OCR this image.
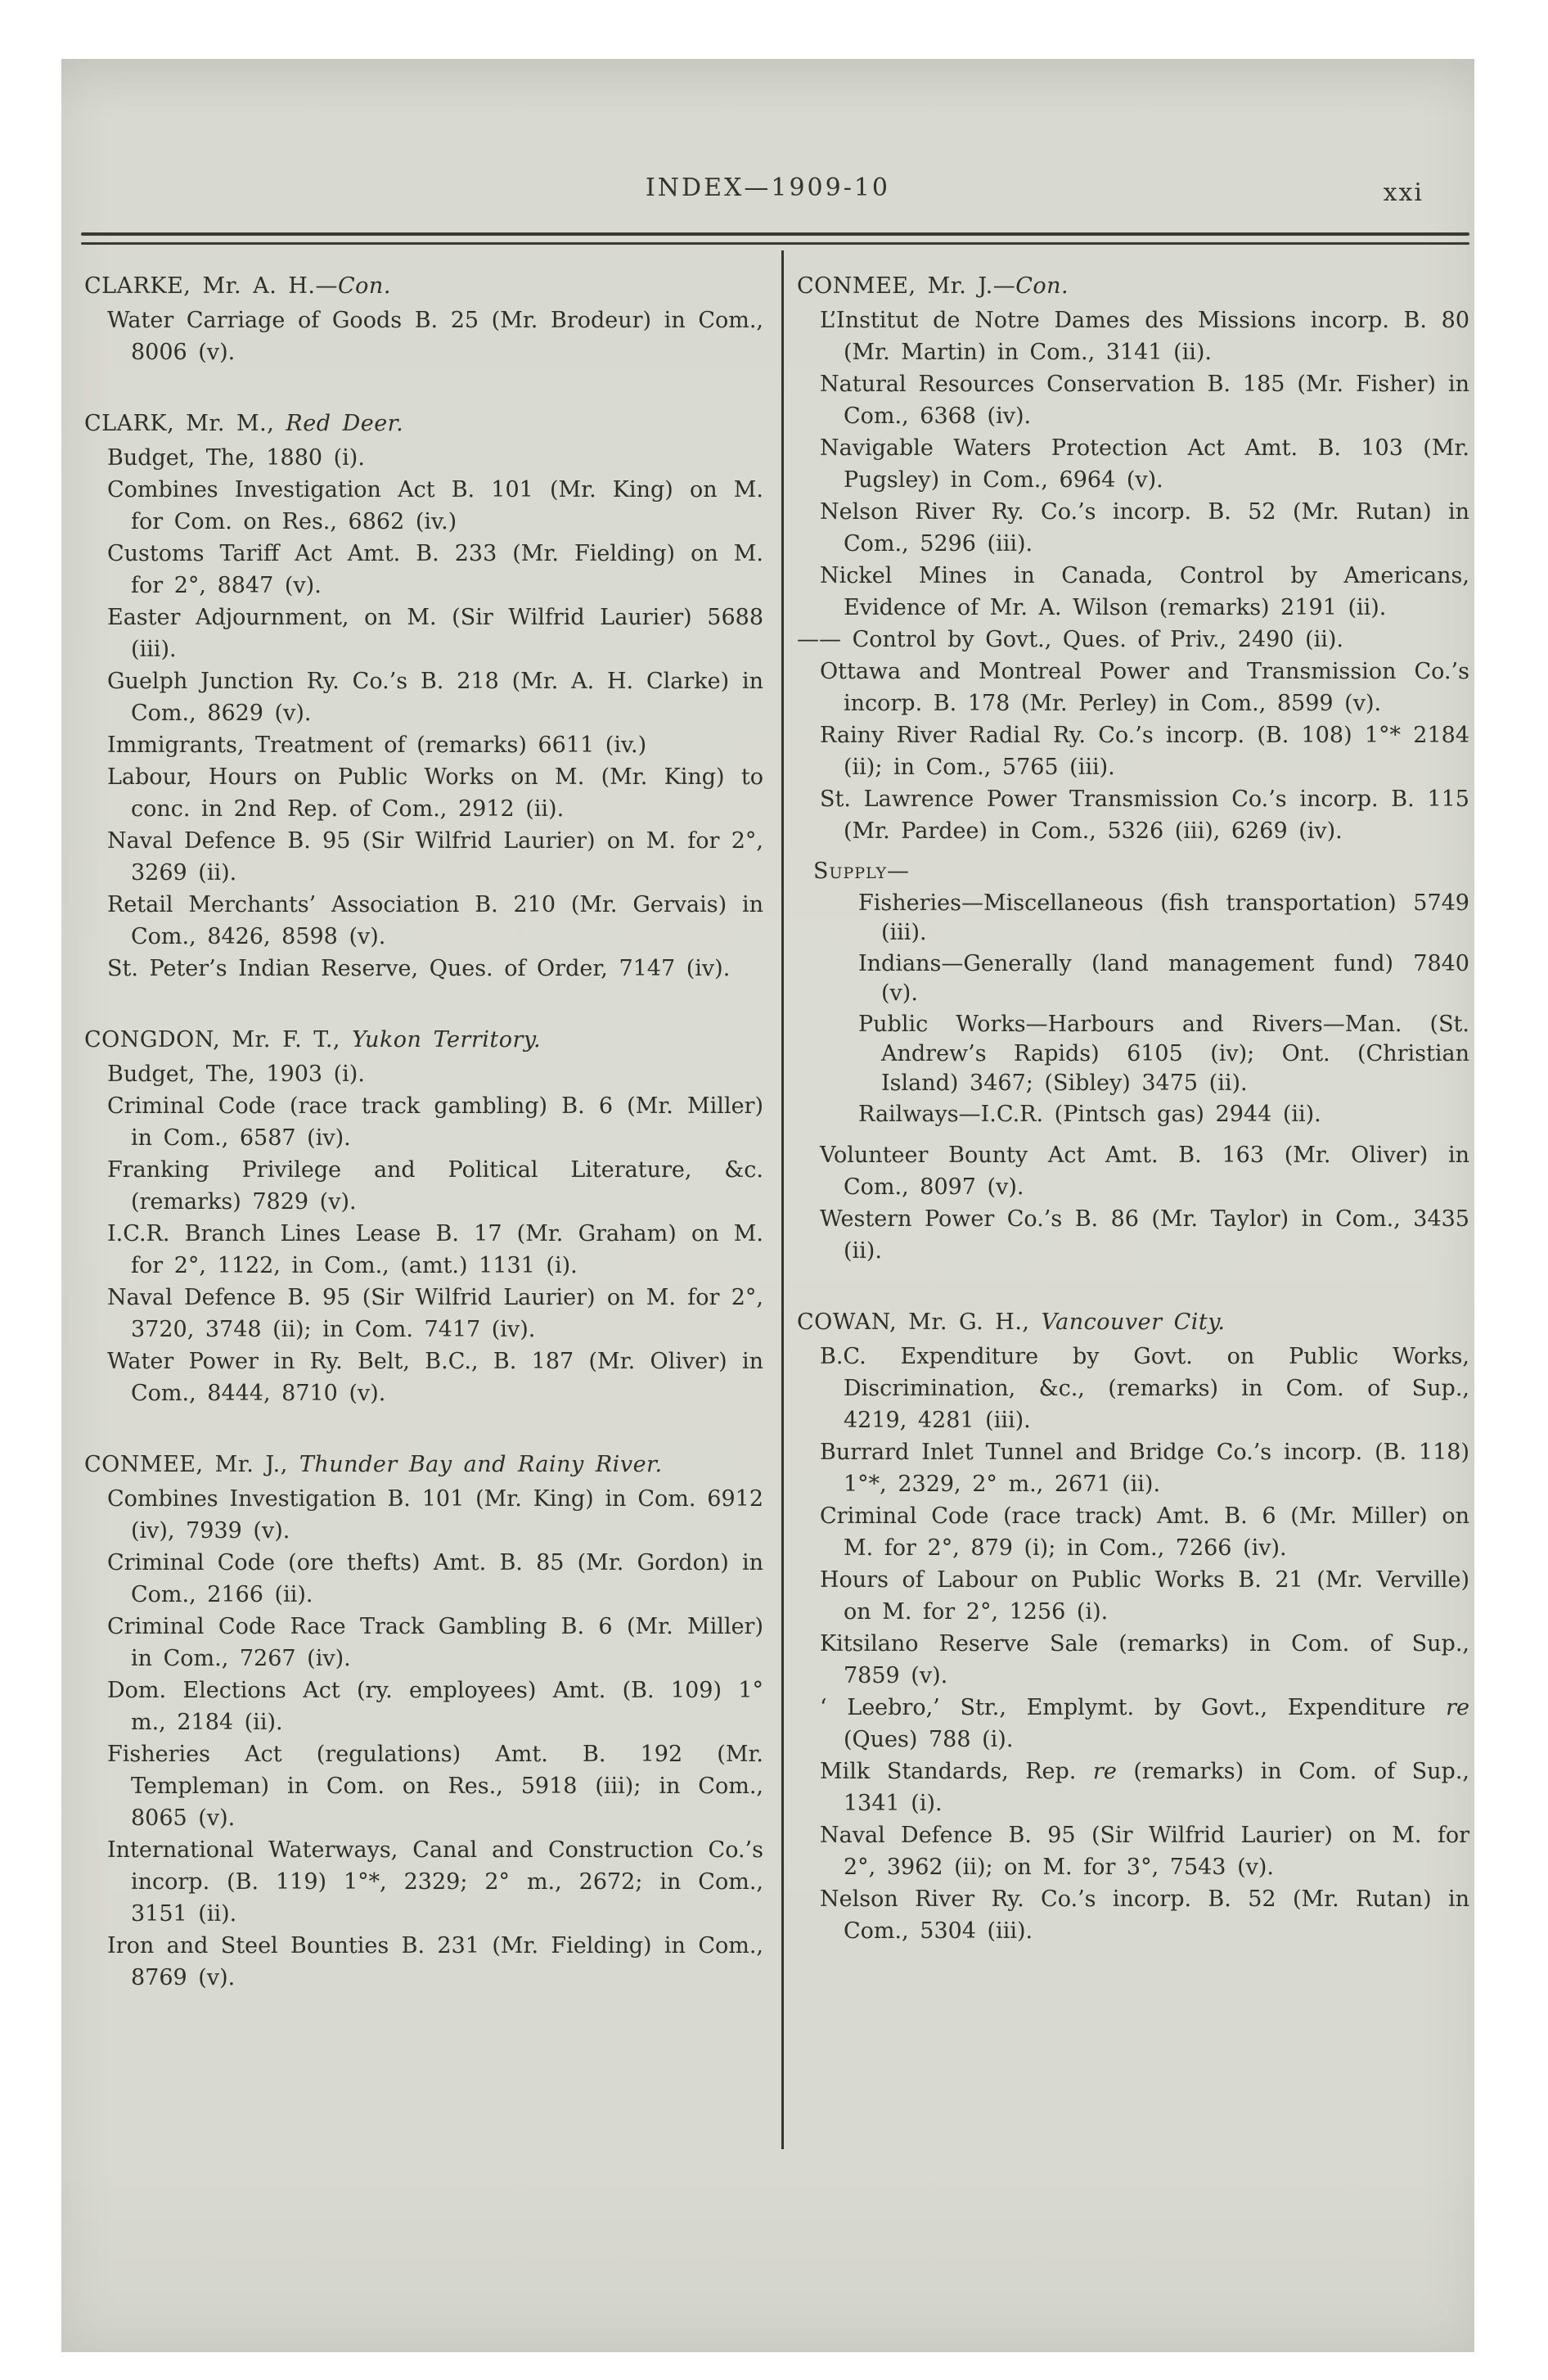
INDEX—1909-10	xxi
CLARKE, Mr. A. H.—Con.

Water Carriage of Goods B. 25 (Mr. Brodeur) in Com., 8006 (v).

CLARK, Mr. M., Red Deer.

Budget, The, 1880 (i).

Combines Investigation Act B. 101 (Mr. King) on M. for Com. on Res., 6862 (iv.)

Customs Tariff Act Amt. B. 233 (Mr. Fielding) on M. for 2°, 8847 (v).

Easter Adjournment, on M. (Sir Wilfrid Laurier) 5688 (iii).

Guelph Junction Ry. Co.’s B. 218 (Mr. A. H. Clarke) in Com., 8629 (v).

Immigrants, Treatment of (remarks) 6611 (iv.)

Labour, Hours on Public Works on M. (Mr. King) to conc. in 2nd Rep. of Com., 2912 (ii).

Naval Defence B. 95 (Sir Wilfrid Laurier) on M. for 2°, 3269 (ii).

Retail Merchants’ Association B. 210 (Mr. Gervais) in Com., 8426, 8598 (v).

St. Peter’s Indian Reserve, Ques. of Order, 7147 (iv).

CONGDON, Mr. F. T., Yukon Territory.

Budget, The, 1903 (i).

Criminal Code (race track gambling) B. 6 (Mr. Miller) in Com., 6587 (iv).

Franking Privilege and Political Literature, &c. (remarks) 7829 (v).

I.C.R. Branch Lines Lease B. 17 (Mr. Graham) on M. for 2°, 1122, in Com., (amt.) 1131 (i).

Naval Defence B. 95 (Sir Wilfrid Laurier) on M. for 2°, 3720, 3748 (ii); in Com. 7417 (iv).

Water Power in Ry. Belt, B.C., B. 187 (Mr. Oliver) in Com., 8444, 8710 (v).

CONMEE, Mr. J., Thunder Bay and Rainy River.

Combines Investigation B. 101 (Mr. King) in Com. 6912 (iv), 7939 (v).

Criminal Code (ore thefts) Amt. B. 85 (Mr. Gordon) in Com., 2166 (ii).

Criminal Code Race Track Gambling B. 6 (Mr. Miller) in Com., 7267 (iv).

Dom. Elections Act (ry. employees) Amt. (B. 109) 1° m., 2184 (ii).

Fisheries Act (regulations) Amt. B. 192 (Mr. Templeman) in Com. on Res., 5918 (iii); in Com., 8065 (v).

International Waterways, Canal and Construction Co.’s incorp. (B. 119) 1°*, 2329; 2° m., 2672; in Com., 3151 (ii).

Iron and Steel Bounties B. 231 (Mr. Fielding) in Com., 8769 (v).

CONMEE, Mr. J.—Con.

L’Institut de Notre Dames des Missions incorp. B. 80 (Mr. Martin) in Com., 3141 (ii).

Natural Resources Conservation B. 185 (Mr. Fisher) in Com., 6368 (iv).

Navigable Waters Protection Act Amt. B. 103 (Mr. Pugsley) in Com., 6964 (v).

Nelson River Ry. Co.’s incorp. B. 52 (Mr. Rutan) in Com., 5296 (iii).

Nickel Mines in Canada, Control by Americans, Evidence of Mr. A. Wilson (remarks) 2191 (ii).

—— Control by Govt., Ques. of Priv., 2490 (ii).

Ottawa and Montreal Power and Transmission Co.’s incorp. B. 178 (Mr. Perley) in Com., 8599 (v).

Rainy River Radial Ry. Co.’s incorp. (B. 108) 1°* 2184 (ii); in Com., 5765 (iii).

St. Lawrence Power Transmission Co.’s incorp. B. 115 (Mr. Pardee) in Com., 5326 (iii), 6269 (iv).

Supply—

Fisheries—Miscellaneous (fish transportation) 5749 (iii).

Indians—Generally (land management fund) 7840 (v).

Public Works—Harbours and Rivers—Man. (St. Andrew’s Rapids) 6105 (iv); Ont. (Christian Island) 3467; (Sibley) 3475 (ii).

Railways—I.C.R. (Pintsch gas) 2944 (ii).

Volunteer Bounty Act Amt. B. 163 (Mr. Oliver) in Com., 8097 (v).

Western Power Co.’s B. 86 (Mr. Taylor) in Com., 3435 (ii).

COWAN, Mr. G. H., Vancouver City.

B.C. Expenditure by Govt. on Public Works, Discrimination, &c., (remarks) in Com. of Sup., 4219, 4281 (iii).

Burrard Inlet Tunnel and Bridge Co.’s incorp. (B. 118) 1°*, 2329, 2° m., 2671 (ii).

Criminal Code (race track) Amt. B. 6 (Mr. Miller) on M. for 2°, 879 (i); in Com., 7266 (iv).

Hours of Labour on Public Works B. 21 (Mr. Verville) on M. for 2°, 1256 (i).

Kitsilano Reserve Sale (remarks) in Com. of Sup., 7859 (v).

‘ Leebro,’ Str., Emplymt. by Govt., Expenditure re (Ques) 788 (i).

Milk Standards, Rep. re (remarks) in Com. of Sup., 1341 (i).

Naval Defence B. 95 (Sir Wilfrid Laurier) on M. for 2°, 3962 (ii); on M. for 3°, 7543 (v).

Nelson River Ry. Co.’s incorp. B. 52 (Mr. Rutan) in Com., 5304 (iii).
